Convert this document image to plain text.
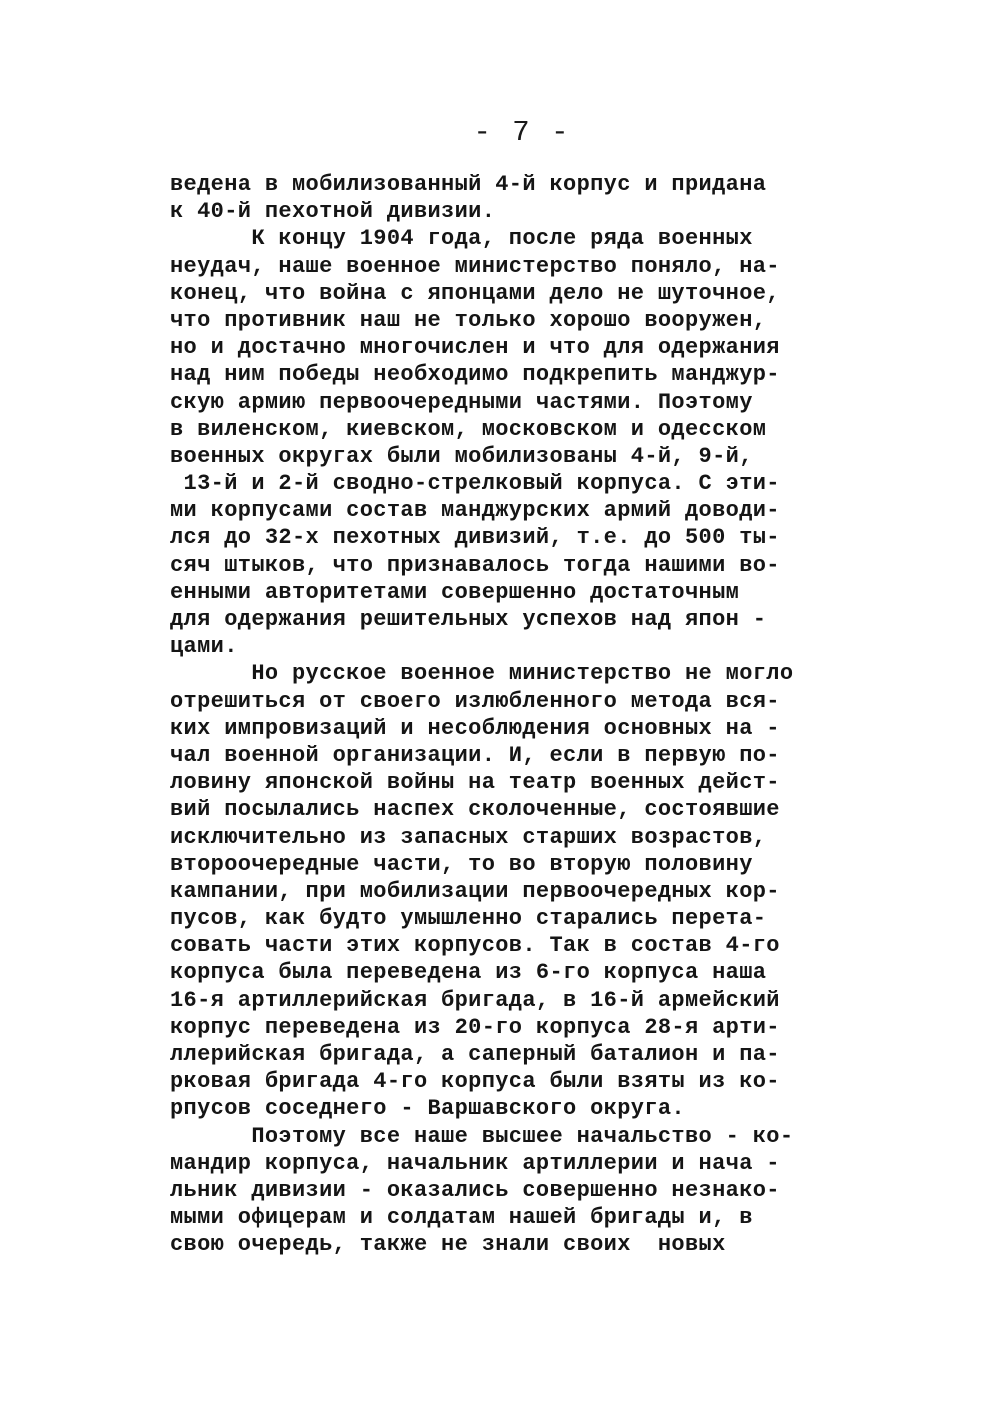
- 7 -
ведена в мобилизованный 4-й корпус и придана
к 40-й пехотной дивизии.
К концу 1904 года, после ряда военных
неудач, наше военное министерство поняло, на-
конец, что война с японцами дело не шуточное,
что противник наш не только хорошо вооружен,
но и достачно многочислен и что для одержания
над ним победы необходимо подкрепить манджур-
скую армию первоочередными частями. Поэтому
в виленском, киевском, московском и одесском
военных округах были мобилизованы 4-й, 9-й,
13-й и 2-й сводно-стрелковый корпуса. С эти-
ми корпусами состав манджурских армий доводи-
лся до 32-х пехотных дивизий, т.е. до 500 ты-
сяч штыков, что признавалось тогда нашими во-
енными авторитетами совершенно достаточным
для одержания решительных успехов над япон -
цами.
Но русское военное министерство не могло
отрешиться от своего излюбленного метода вся-
ких импровизаций и несоблюдения основных на -
чал военной организации. И, если в первую по-
ловину японской войны на театр военных дейст-
вий посылались наспех сколоченные, состоявшие
исключительно из запасных старших возрастов,
второочередные части, то во вторую половину
кампании, при мобилизации первоочередных кор-
пусов, как будто умышленно старались перета-
совать части этих корпусов. Так в состав 4-го
корпуса была переведена из 6-го корпуса наша
16-я артиллерийская бригада, в 16-й армейский
корпус переведена из 20-го корпуса 28-я арти-
ллерийская бригада, а саперный баталион и па-
рковая бригада 4-го корпуса были взяты из ко-
рпусов соседнего - Варшавского округа.
Поэтому все наше высшее начальство - ко-
мандир корпуса, начальник артиллерии и нача -
льник дивизии - оказались совершенно незнако-
мыми офицерам и солдатам нашей бригады и, в
свою очередь, также не знали своих  новых
